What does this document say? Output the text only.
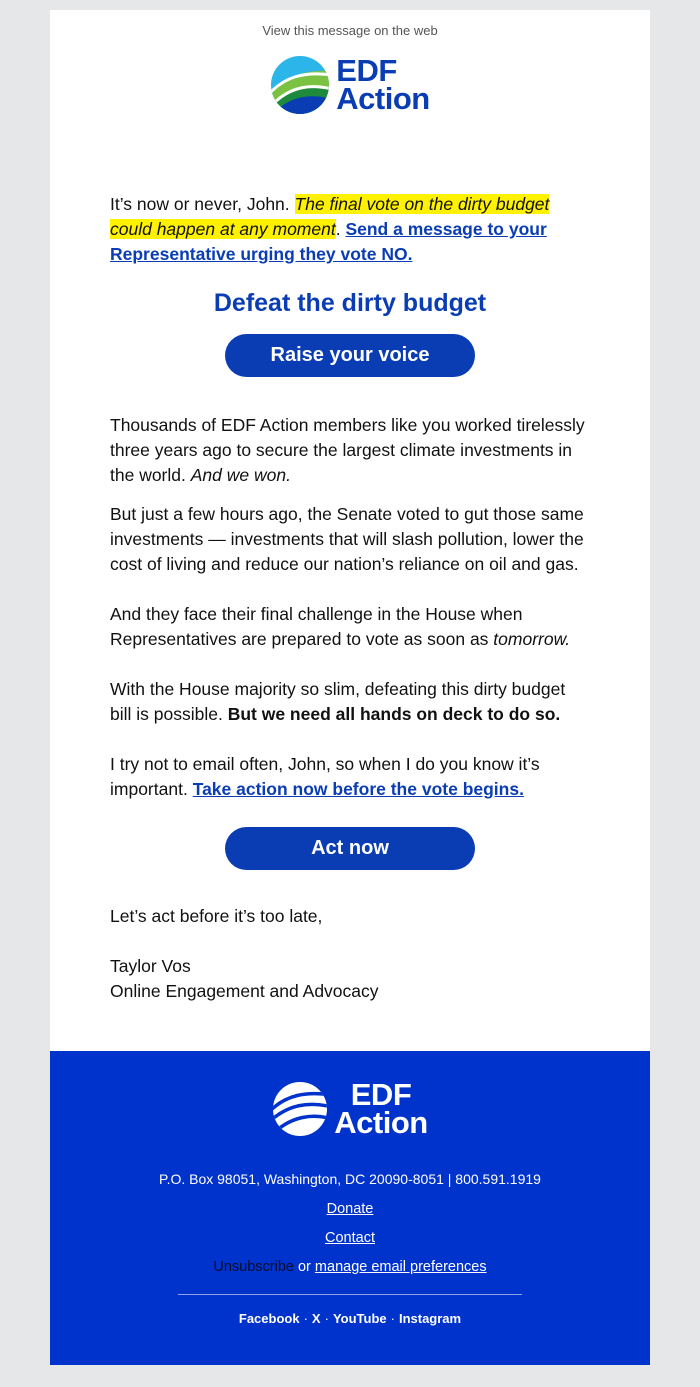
View this message on the web
EDF
Action

It’s now or never, John. The final vote on the dirty budget could happen at any moment. Send a message to your Representative urging they vote NO.

Defeat the dirty budget
Raise your voice

Thousands of EDF Action members like you worked tirelessly three years ago to secure the largest climate investments in the world. And we won.

But just a few hours ago, the Senate voted to gut those same investments — investments that will slash pollution, lower the cost of living and reduce our nation’s reliance on oil and gas.

And they face their final challenge in the House when Representatives are prepared to vote as soon as tomorrow.

With the House majority so slim, defeating this dirty budget bill is possible. But we need all hands on deck to do so.

I try not to email often, John, so when I do you know it’s important. Take action now before the vote begins.

Act now

Let’s act before it’s too late,

Taylor Vos

Online Engagement and Advocacy

EDF
Action
P.O. Box 98051, Washington, DC 20090-8051 | 800.591.1919
Donate
Contact
Unsubscribe or manage email preferences
Facebook · X · YouTube · Instagram
